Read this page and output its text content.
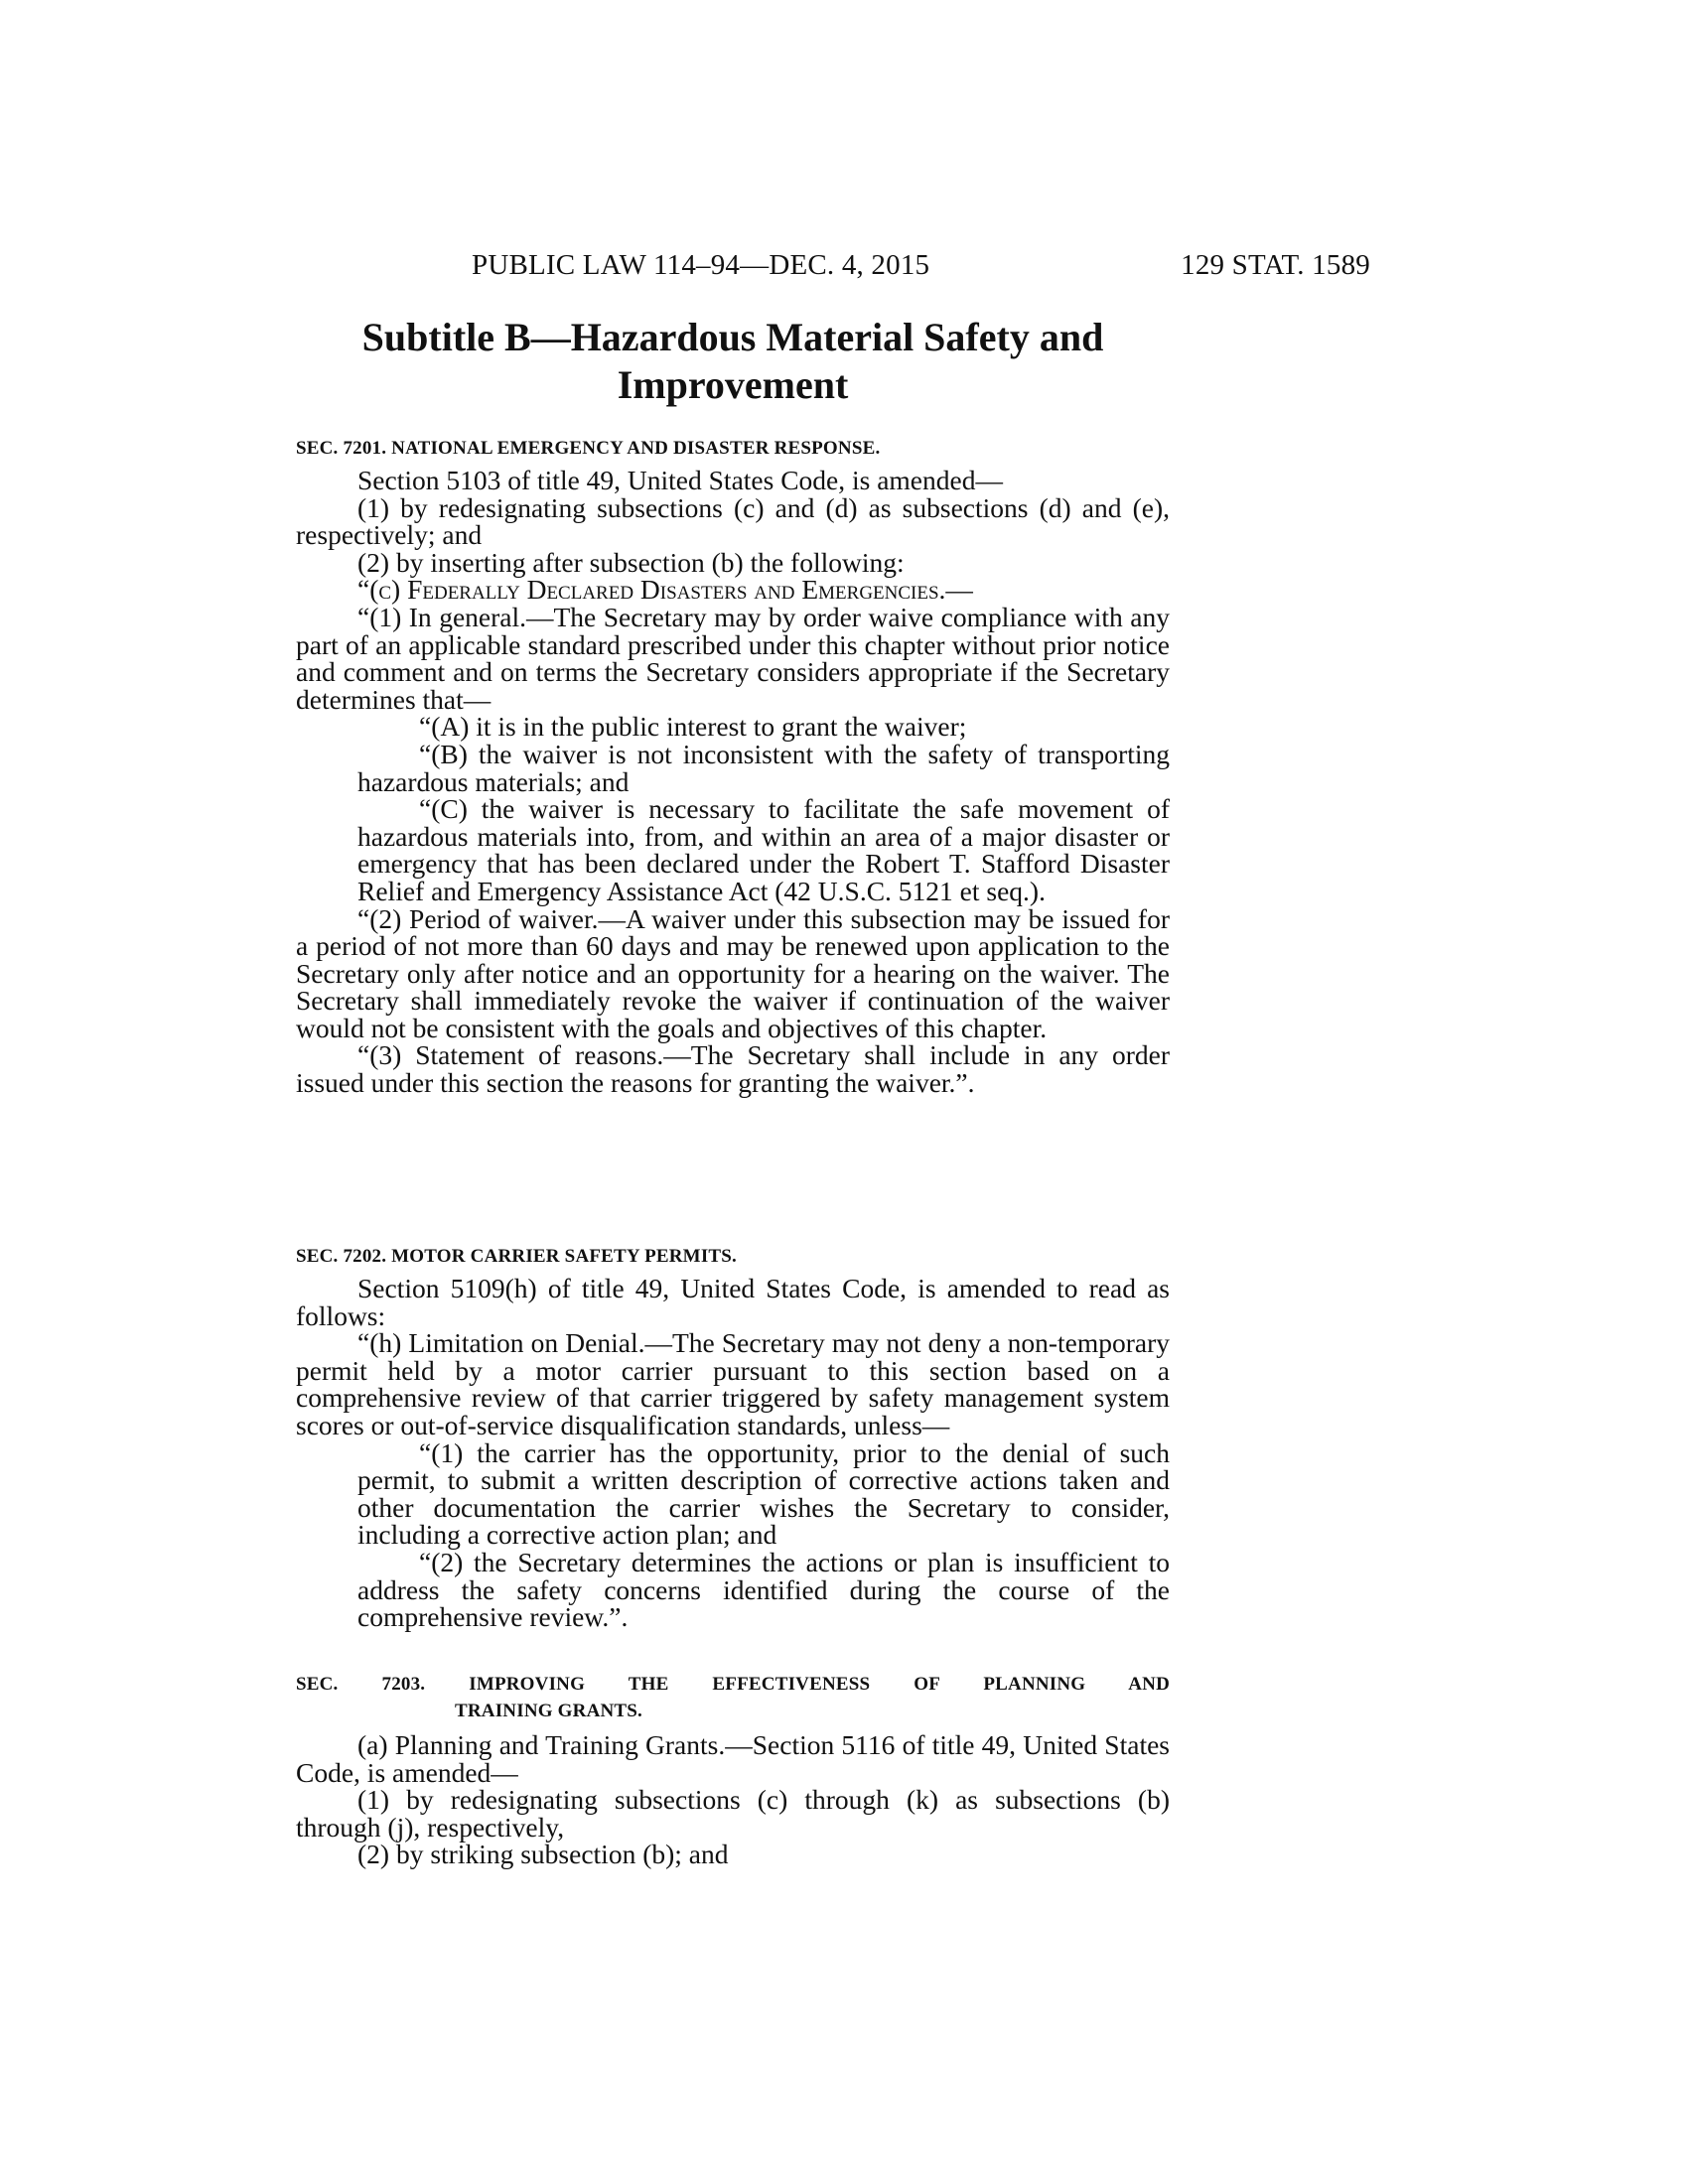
PUBLIC LAW 114–94—DEC. 4, 2015	129 STAT. 1589
Subtitle B—Hazardous Material Safety and
Improvement
SEC. 7201. NATIONAL EMERGENCY AND DISASTER RESPONSE.
Section 5103 of title 49, United States Code, is amended—
(1) by redesignating subsections (c) and (d) as subsections (d) and (e), respectively; and
(2) by inserting after subsection (b) the following:
“(c) Federally Declared Disasters and Emergencies.—
“(1) In general.—The Secretary may by order waive compliance with any part of an applicable standard prescribed under this chapter without prior notice and comment and on terms the Secretary considers appropriate if the Secretary determines that—
“(A) it is in the public interest to grant the waiver;
“(B) the waiver is not inconsistent with the safety of transporting hazardous materials; and
“(C) the waiver is necessary to facilitate the safe movement of hazardous materials into, from, and within an area of a major disaster or emergency that has been declared under the Robert T. Stafford Disaster Relief and Emergency Assistance Act (42 U.S.C. 5121 et seq.).
“(2) Period of waiver.—A waiver under this subsection may be issued for a period of not more than 60 days and may be renewed upon application to the Secretary only after notice and an opportunity for a hearing on the waiver. The Secretary shall immediately revoke the waiver if continuation of the waiver would not be consistent with the goals and objectives of this chapter.
“(3) Statement of reasons.—The Secretary shall include in any order issued under this section the reasons for granting the waiver.”.
SEC. 7202. MOTOR CARRIER SAFETY PERMITS.
Section 5109(h) of title 49, United States Code, is amended to read as follows:
“(h) Limitation on Denial.—The Secretary may not deny a non-temporary permit held by a motor carrier pursuant to this section based on a comprehensive review of that carrier triggered by safety management system scores or out-of-service disqualification standards, unless—
“(1) the carrier has the opportunity, prior to the denial of such permit, to submit a written description of corrective actions taken and other documentation the carrier wishes the Secretary to consider, including a corrective action plan; and
“(2) the Secretary determines the actions or plan is insufficient to address the safety concerns identified during the course of the comprehensive review.”.
SEC. 7203. IMPROVING THE EFFECTIVENESS OF PLANNING AND
TRAINING GRANTS.
(a) Planning and Training Grants.—Section 5116 of title 49, United States Code, is amended—
(1) by redesignating subsections (c) through (k) as subsections (b) through (j), respectively,
(2) by striking subsection (b); and
